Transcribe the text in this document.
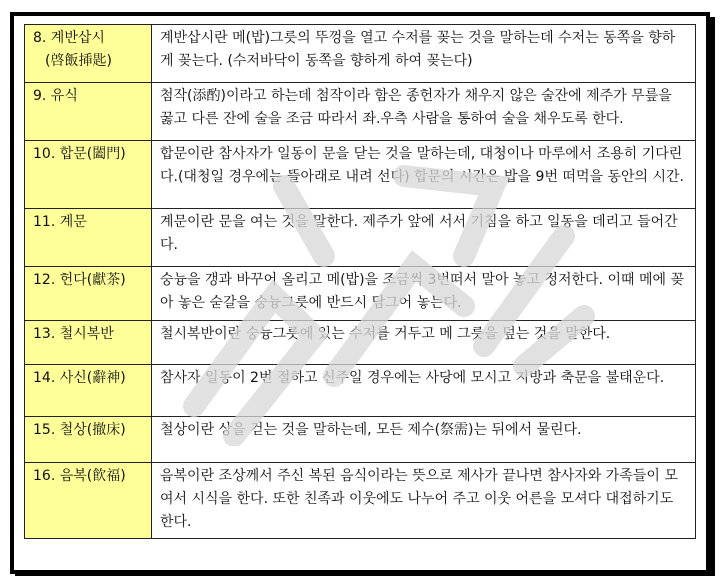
8. 계반삽시
(啓飯揷匙)	계반삽시란 메(밥)그릇의 뚜껑을 열고 수저를 꽂는 것을 말하는데 수저는 동쪽을 향하게 꽂는다. (수저바닥이 동쪽을 향하게 하여 꽂는다)
9. 유식	첨작(添酌)이라고 하는데 첨작이라 함은 종헌자가 채우지 않은 술잔에 제주가 무릎을 꿇고 다른 잔에 술을 조금 따라서 좌.우측 사람을 통하여 술을 채우도록 한다.
10. 합문(闔門)	합문이란 참사자가 일동이 문을 닫는 것을 말하는데, 대청이나 마루에서 조용히 기다린다.(대청일 경우에는 뜰아래로 내려 선다) 합문의 시간은 밥을 9번 떠먹을 동안의 시간.
11. 계문	계문이란 문을 여는 것을 말한다. 제주가 앞에 서서 기침을 하고 일동을 데리고 들어간다.
12. 헌다(獻茶)	숭늉을 갱과 바꾸어 올리고 메(밥)을 조금씩 3번떠서 말아 놓고 정저한다. 이때 메에 꽂아 놓은 숟갈을 숭늉그릇에 반드시 담그어 놓는다.
13. 철시복반	철시복반이란 숭늉그릇에 있는 수저를 거두고 메 그릇을 덮는 것을 말한다.
14. 사신(辭神)	참사자 일동이 2번 절하고 신주일 경우에는 사당에 모시고 지방과 축문을 불태운다.
15. 철상(撤床)	철상이란 상을 걷는 것을 말하는데, 모든 제수(祭需)는 뒤에서 물린다.
16. 음복(飮福)	음복이란 조상께서 주신 복된 음식이라는 뜻으로 제사가 끝나면 참사자와 가족들이 모여서 시식을 한다. 또한 친족과 이웃에도 나누어 주고 이웃 어른을 모셔다 대접하기도 한다.
